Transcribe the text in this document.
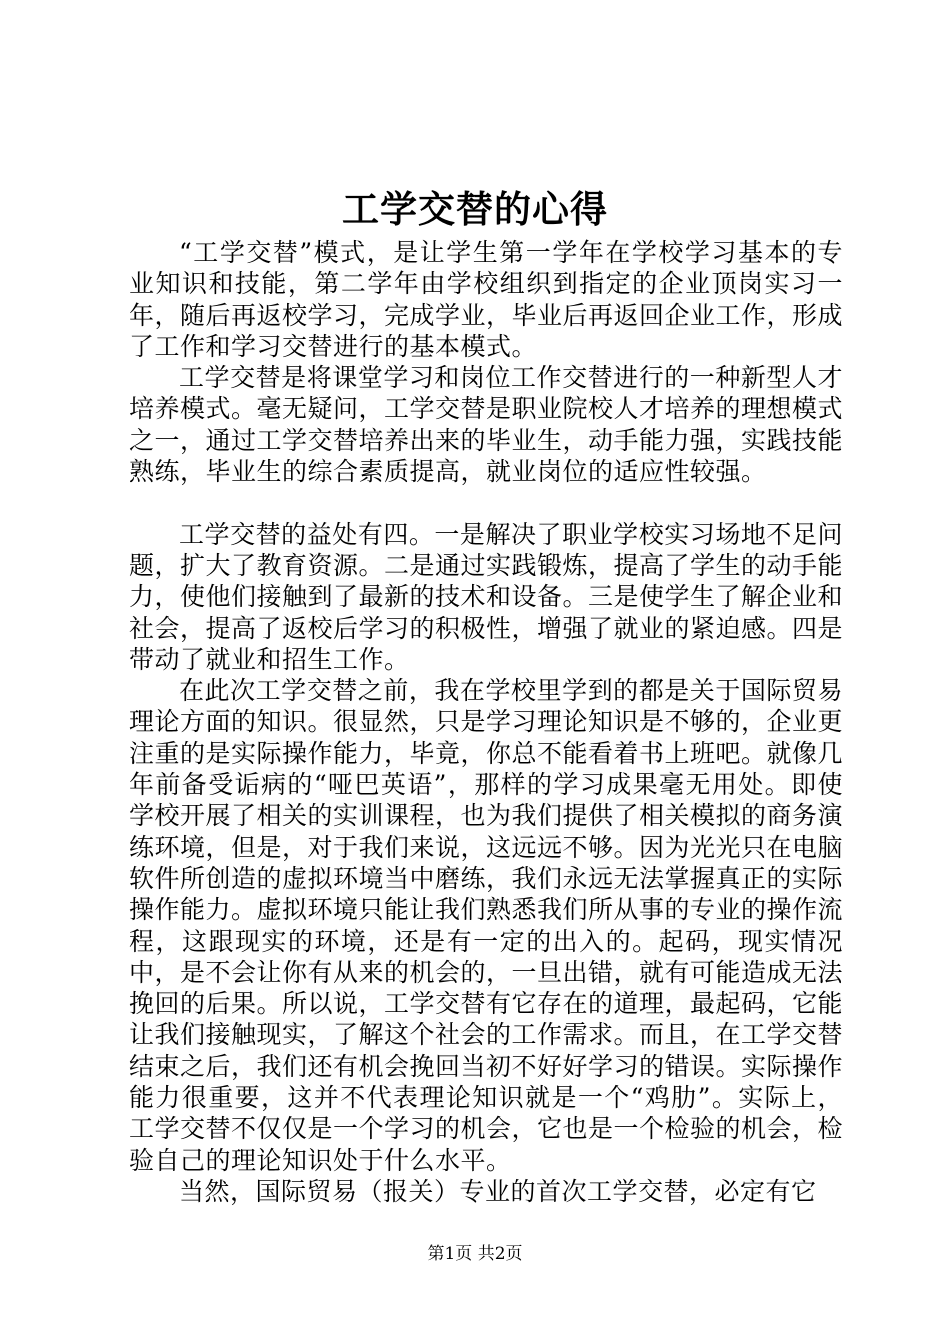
工学交替的心得

“工学交替”模式，是让学生第一学年在学校学习基本的专业知识和技能，第二学年由学校组织到指定的企业顶岗实习一年，随后再返校学习，完成学业，毕业后再返回企业工作，形成了工作和学习交替进行的基本模式。

工学交替是将课堂学习和岗位工作交替进行的一种新型人才培养模式。毫无疑问，工学交替是职业院校人才培养的理想模式之一，通过工学交替培养出来的毕业生，动手能力强，实践技能熟练，毕业生的综合素质提高，就业岗位的适应性较强。

工学交替的益处有四。一是解决了职业学校实习场地不足问题，扩大了教育资源。二是通过实践锻炼，提高了学生的动手能力，使他们接触到了最新的技术和设备。三是使学生了解企业和社会，提高了返校后学习的积极性，增强了就业的紧迫感。四是带动了就业和招生工作。

在此次工学交替之前，我在学校里学到的都是关于国际贸易理论方面的知识。很显然，只是学习理论知识是不够的，企业更注重的是实际操作能力，毕竟，你总不能看着书上班吧。就像几年前备受诟病的“哑巴英语”，那样的学习成果毫无用处。即使学校开展了相关的实训课程，也为我们提供了相关模拟的商务演练环境，但是，对于我们来说，这远远不够。因为光光只在电脑软件所创造的虚拟环境当中磨练，我们永远无法掌握真正的实际操作能力。虚拟环境只能让我们熟悉我们所从事的专业的操作流程，这跟现实的环境，还是有一定的出入的。起码，现实情况中，是不会让你有从来的机会的，一旦出错，就有可能造成无法挽回的后果。所以说，工学交替有它存在的道理，最起码，它能让我们接触现实，了解这个社会的工作需求。而且，在工学交替结束之后，我们还有机会挽回当初不好好学习的错误。实际操作能力很重要，这并不代表理论知识就是一个“鸡肋”。实际上，工学交替不仅仅是一个学习的机会，它也是一个检验的机会，检验自己的理论知识处于什么水平。

当然，国际贸易（报关）专业的首次工学交替，必定有它

第1页 共2页
